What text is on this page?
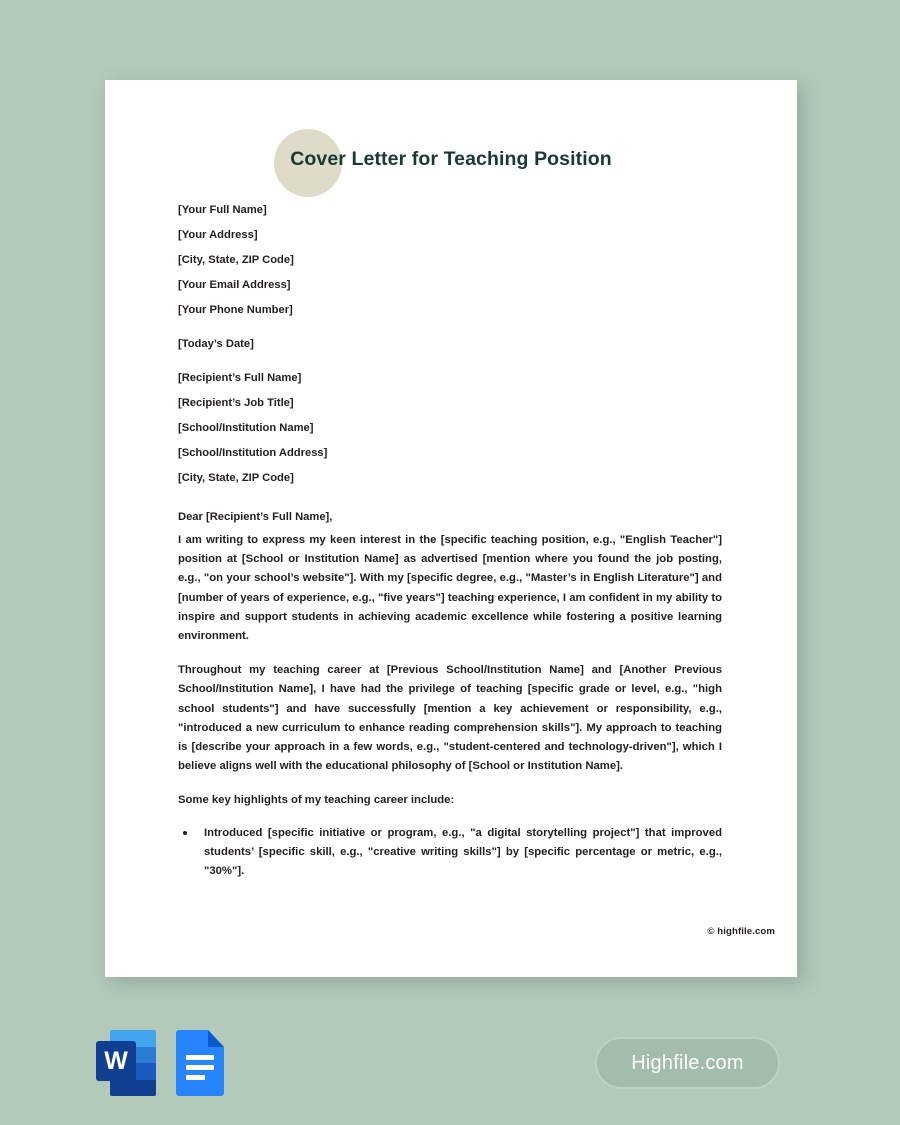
Cover Letter for Teaching Position
[Your Full Name]
[Your Address]
[City, State, ZIP Code]
[Your Email Address]
[Your Phone Number]
[Today’s Date]
[Recipient’s Full Name]
[Recipient’s Job Title]
[School/Institution Name]
[School/Institution Address]
[City, State, ZIP Code]
Dear [Recipient’s Full Name],

I am writing to express my keen interest in the [specific teaching position, e.g., "English Teacher"] position at [School or Institution Name] as advertised [mention where you found the job posting, e.g., "on your school’s website"]. With my [specific degree, e.g., "Master’s in English Literature"] and [number of years of experience, e.g., "five years"] teaching experience, I am confident in my ability to inspire and support students in achieving academic excellence while fostering a positive learning environment.

Throughout my teaching career at [Previous School/Institution Name] and [Another Previous School/Institution Name], I have had the privilege of teaching [specific grade or level, e.g., "high school students"] and have successfully [mention a key achievement or responsibility, e.g., "introduced a new curriculum to enhance reading comprehension skills"]. My approach to teaching is [describe your approach in a few words, e.g., "student-centered and technology-driven"], which I believe aligns well with the educational philosophy of [School or Institution Name].

Some key highlights of my teaching career include:
Introduced [specific initiative or program, e.g., "a digital storytelling project"] that improved students’ [specific skill, e.g., "creative writing skills"] by [specific percentage or metric, e.g., "30%"].
© highfile.com
W	Highfile.com
